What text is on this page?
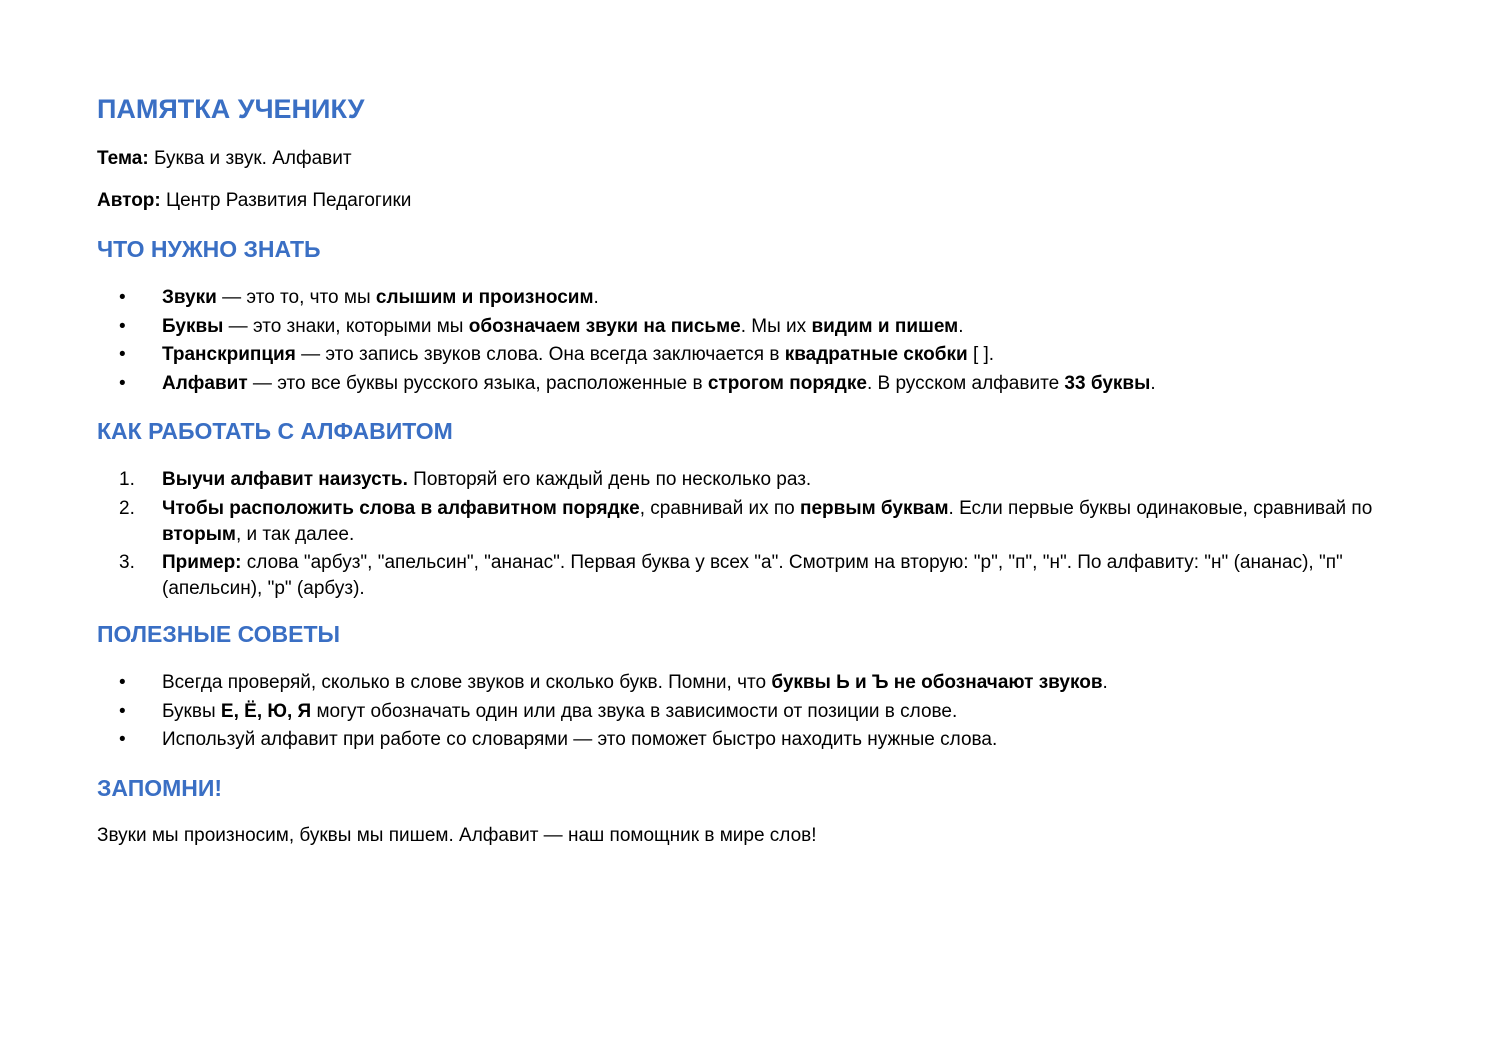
ПАМЯТКА УЧЕНИКУ

Тема: Буква и звук. Алфавит

Автор: Центр Развития Педагогики

ЧТО НУЖНО ЗНАТЬ
• Звуки — это то, что мы слышим и произносим.
• Буквы — это знаки, которыми мы обозначаем звуки на письме. Мы их видим и пишем.
• Транскрипция — это запись звуков слова. Она всегда заключается в квадратные скобки [ ].
• Алфавит — это все буквы русского языка, расположенные в строгом порядке. В русском алфавите 33 буквы.
КАК РАБОТАТЬ С АЛФАВИТОМ
1. Выучи алфавит наизусть. Повторяй его каждый день по несколько раз.
2. Чтобы расположить слова в алфавитном порядке, сравнивай их по первым буквам. Если первые буквы одинаковые, сравнивай по вторым, и так далее.
3. Пример: слова "арбуз", "апельсин", "ананас". Первая буква у всех "а". Смотрим на вторую: "р", "п", "н". По алфавиту: "н" (ананас), "п" (апельсин), "р" (арбуз).
ПОЛЕЗНЫЕ СОВЕТЫ
• Всегда проверяй, сколько в слове звуков и сколько букв. Помни, что буквы Ь и Ъ не обозначают звуков.
• Буквы Е, Ё, Ю, Я могут обозначать один или два звука в зависимости от позиции в слове.
• Используй алфавит при работе со словарями — это поможет быстро находить нужные слова.
ЗАПОМНИ!

Звуки мы произносим, буквы мы пишем. Алфавит — наш помощник в мире слов!
